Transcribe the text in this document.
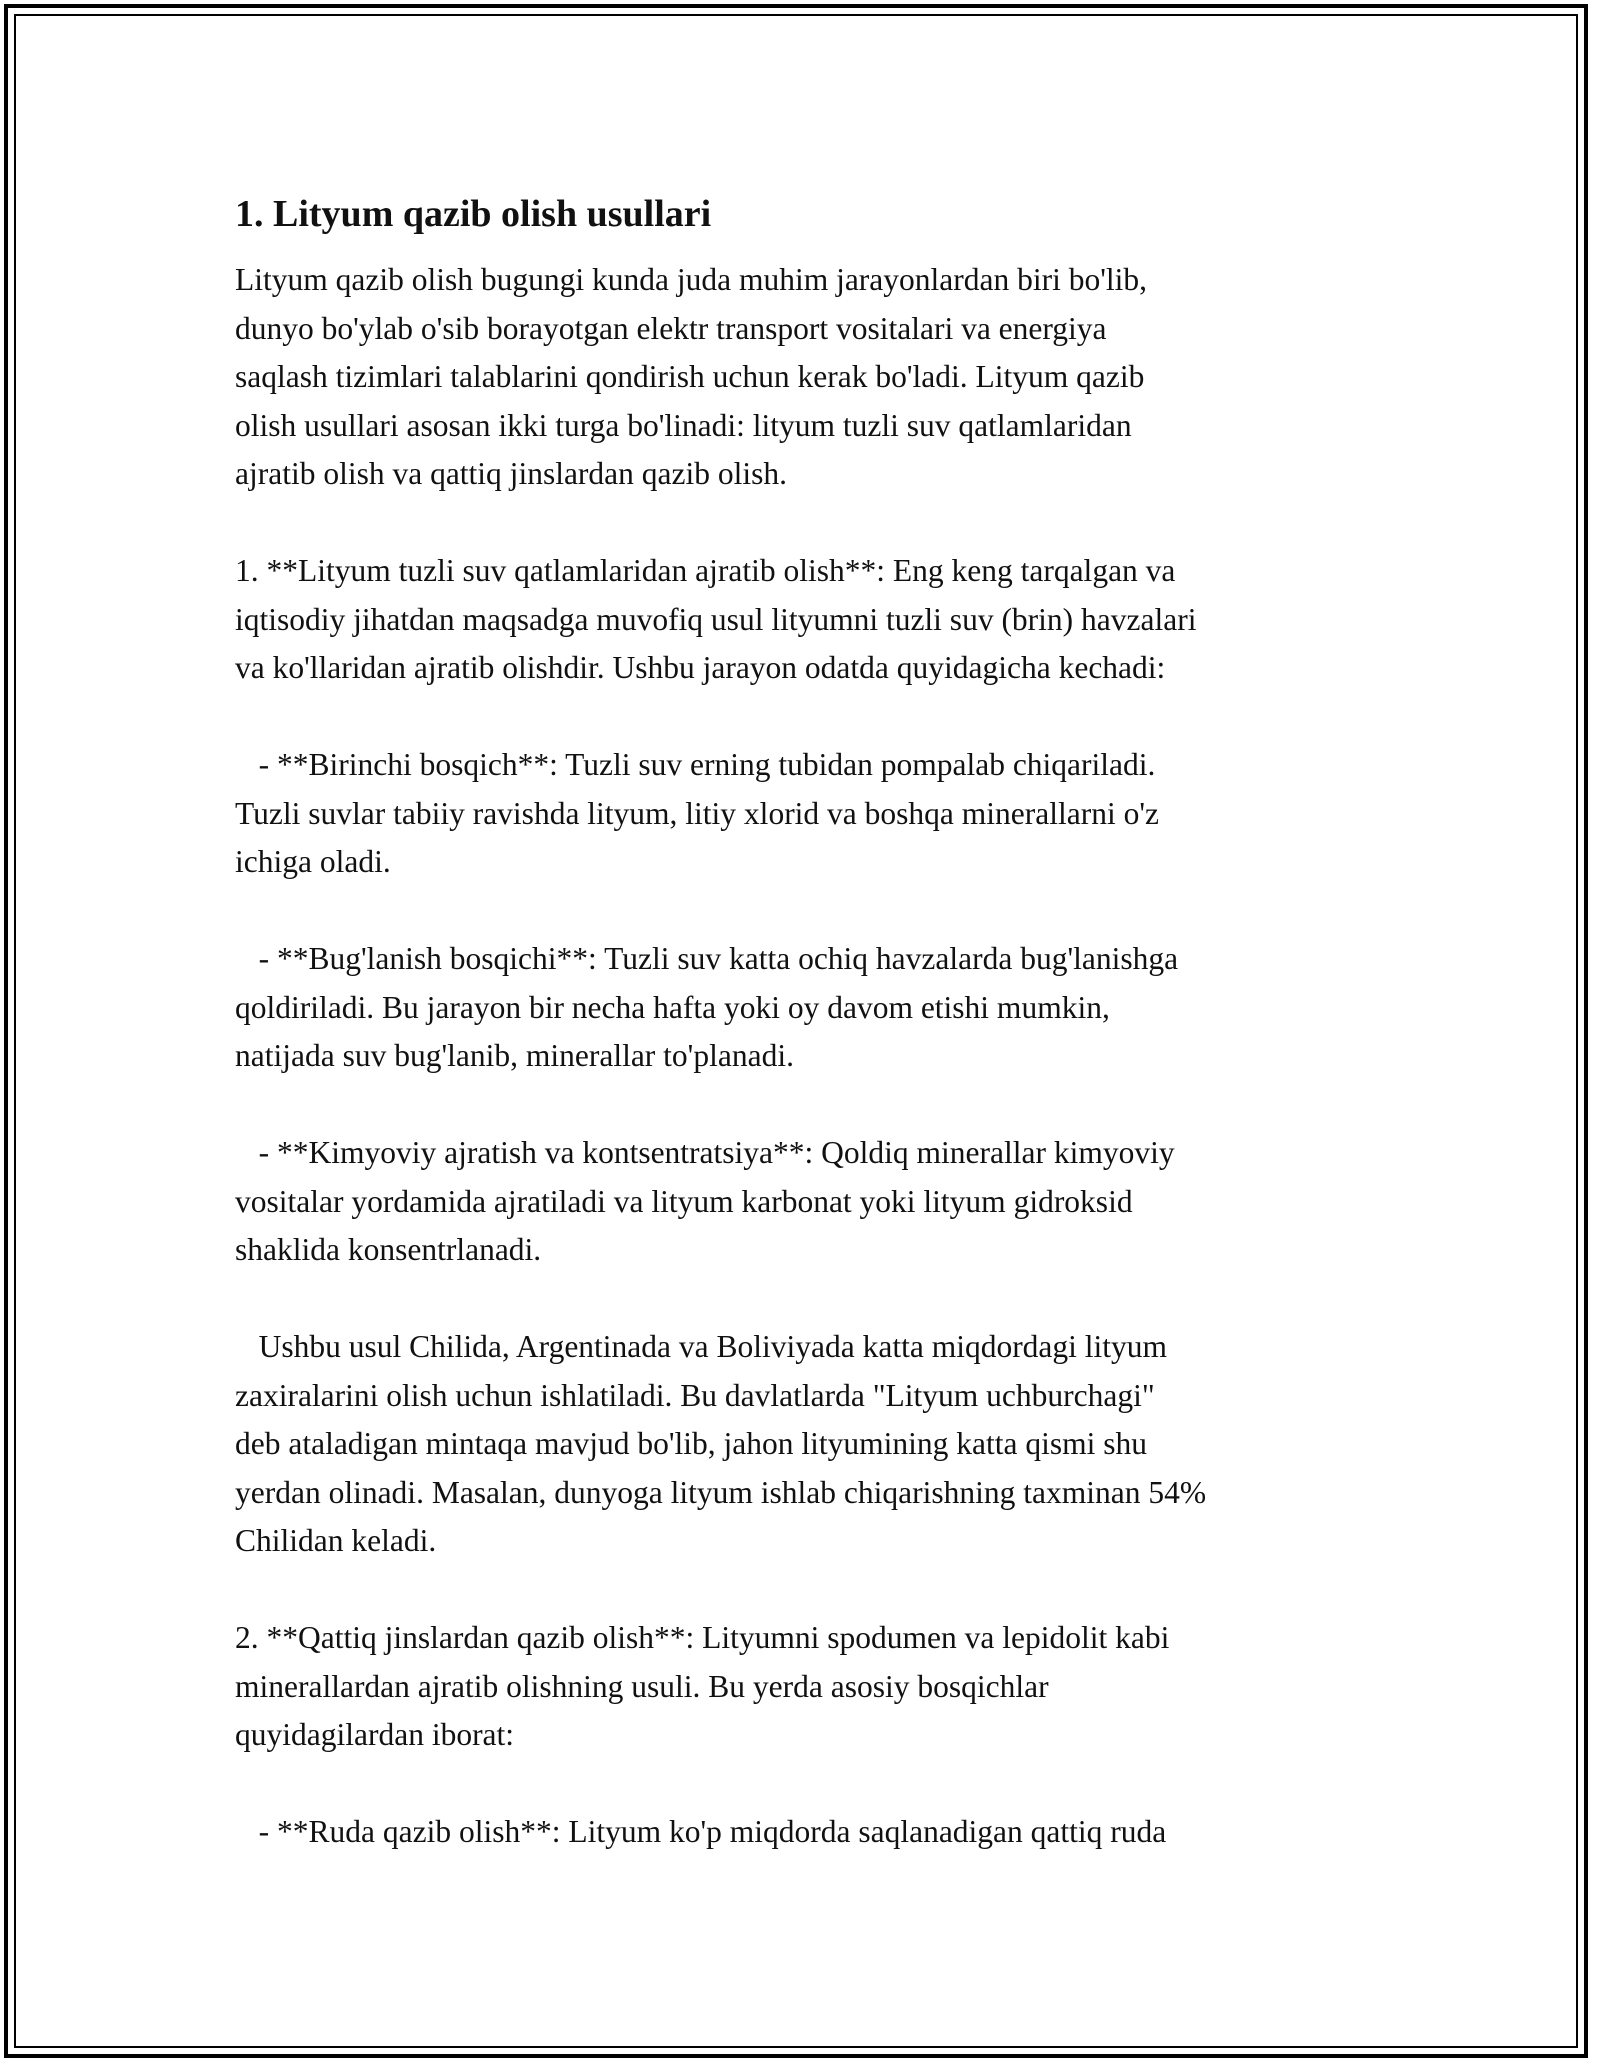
1. Lityum qazib olish usullari

Lityum qazib olish bugungi kunda juda muhim jarayonlardan biri bo'lib,
dunyo bo'ylab o'sib borayotgan elektr transport vositalari va energiya
saqlash tizimlari talablarini qondirish uchun kerak bo'ladi. Lityum qazib
olish usullari asosan ikki turga bo'linadi: lityum tuzli suv qatlamlaridan
ajratib olish va qattiq jinslardan qazib olish.

1. **Lityum tuzli suv qatlamlaridan ajratib olish**: Eng keng tarqalgan va
iqtisodiy jihatdan maqsadga muvofiq usul lityumni tuzli suv (brin) havzalari
va ko'llaridan ajratib olishdir. Ushbu jarayon odatda quyidagicha kechadi:

- **Birinchi bosqich**: Tuzli suv erning tubidan pompalab chiqariladi.
Tuzli suvlar tabiiy ravishda lityum, litiy xlorid va boshqa minerallarni o'z
ichiga oladi.

- **Bug'lanish bosqichi**: Tuzli suv katta ochiq havzalarda bug'lanishga
qoldiriladi. Bu jarayon bir necha hafta yoki oy davom etishi mumkin,
natijada suv bug'lanib, minerallar to'planadi.

- **Kimyoviy ajratish va kontsentratsiya**: Qoldiq minerallar kimyoviy
vositalar yordamida ajratiladi va lityum karbonat yoki lityum gidroksid
shaklida konsentrlanadi.

Ushbu usul Chilida, Argentinada va Boliviyada katta miqdordagi lityum
zaxiralarini olish uchun ishlatiladi. Bu davlatlarda "Lityum uchburchagi"
deb ataladigan mintaqa mavjud bo'lib, jahon lityumining katta qismi shu
yerdan olinadi. Masalan, dunyoga lityum ishlab chiqarishning taxminan 54%
Chilidan keladi.

2. **Qattiq jinslardan qazib olish**: Lityumni spodumen va lepidolit kabi
minerallardan ajratib olishning usuli. Bu yerda asosiy bosqichlar
quyidagilardan iborat:

- **Ruda qazib olish**: Lityum ko'p miqdorda saqlanadigan qattiq ruda
